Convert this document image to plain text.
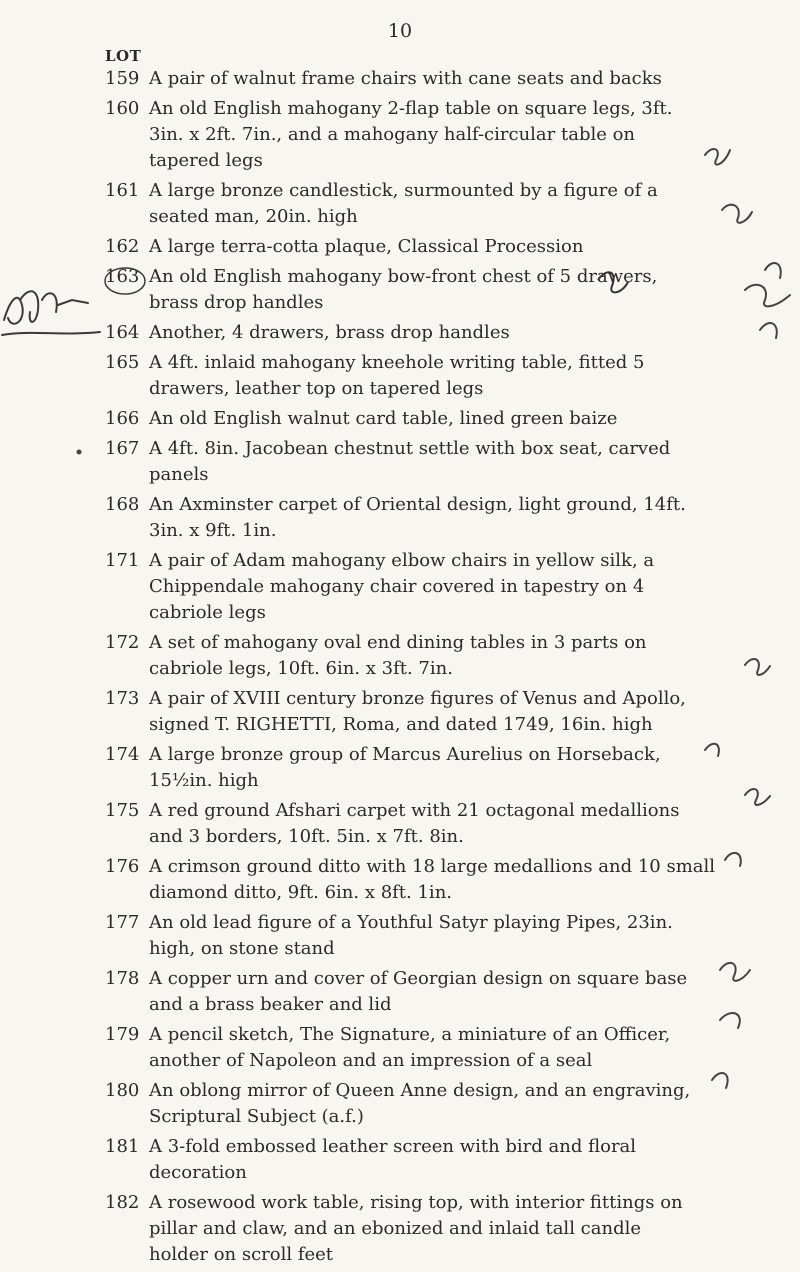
10
LOT
159 A pair of walnut frame chairs with cane seats and backs
160 An old English mahogany 2-flap table on square legs, 3ft.
3in. x 2ft. 7in., and a mahogany half-circular table on
tapered legs
161 A large bronze candlestick, surmounted by a figure of a
seated man, 20in. high
162 A large terra-cotta plaque, Classical Procession
163 An old English mahogany bow-front chest of 5 drawers,
brass drop handles
164 Another, 4 drawers, brass drop handles
165 A 4ft. inlaid mahogany kneehole writing table, fitted 5
drawers, leather top on tapered legs
166 An old English walnut card table, lined green baize
167 A 4ft. 8in. Jacobean chestnut settle with box seat, carved
panels
168 An Axminster carpet of Oriental design, light ground, 14ft.
3in. x 9ft. 1in.
171 A pair of Adam mahogany elbow chairs in yellow silk, a
Chippendale mahogany chair covered in tapestry on 4
cabriole legs
172 A set of mahogany oval end dining tables in 3 parts on
cabriole legs, 10ft. 6in. x 3ft. 7in.
173 A pair of XVIII century bronze figures of Venus and Apollo,
signed T. RIGHETTI, Roma, and dated 1749, 16in. high
174 A large bronze group of Marcus Aurelius on Horseback,
15½in. high
175 A red ground Afshari carpet with 21 octagonal medallions
and 3 borders, 10ft. 5in. x 7ft. 8in.
176 A crimson ground ditto with 18 large medallions and 10 small
diamond ditto, 9ft. 6in. x 8ft. 1in.
177 An old lead figure of a Youthful Satyr playing Pipes, 23in.
high, on stone stand
178 A copper urn and cover of Georgian design on square base
and a brass beaker and lid
179 A pencil sketch, The Signature, a miniature of an Officer,
another of Napoleon and an impression of a seal
180 An oblong mirror of Queen Anne design, and an engraving,
Scriptural Subject (a.f.)
181 A 3-fold embossed leather screen with bird and floral
decoration
182 A rosewood work table, rising top, with interior fittings on
pillar and claw, and an ebonized and inlaid tall candle
holder on scroll feet
